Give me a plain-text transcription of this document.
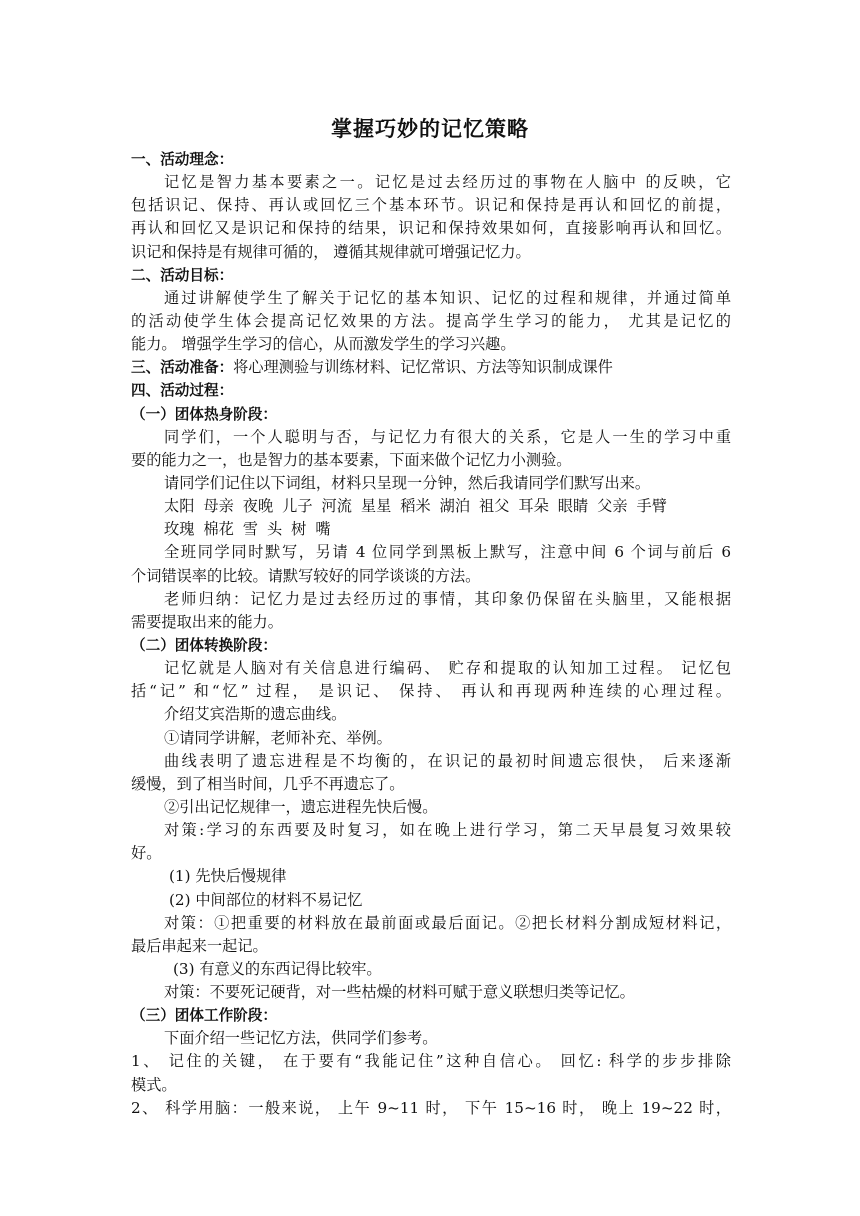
掌握巧妙的记忆策略
一、活动理念：
记忆是智力基本要素之一。记忆是过去经历过的事物在人脑中 的反映，它
包括识记、保持、再认或回忆三个基本环节。识记和保持是再认和回忆的前提，
再认和回忆又是识记和保持的结果，识记和保持效果如何，直接影响再认和回忆。
识记和保持是有规律可循的， 遵循其规律就可增强记忆力。
二、活动目标：
通过讲解使学生了解关于记忆的基本知识、记忆的过程和规律，并通过简单
的活动使学生体会提高记忆效果的方法。提高学生学习的能力， 尤其是记忆的
能力。 增强学生学习的信心，从而激发学生的学习兴趣。
三、活动准备：将心理测验与训练材料、记忆常识、方法等知识制成课件
四、活动过程：
（一）团体热身阶段：
同学们，一个人聪明与否，与记忆力有很大的关系，它是人一生的学习中重
要的能力之一，也是智力的基本要素，下面来做个记忆力小测验。
请同学们记住以下词组，材料只呈现一分钟，然后我请同学们默写出来。
太阳 母亲 夜晚 儿子 河流 星星 稻米 湖泊 祖父 耳朵 眼睛 父亲 手臂
玫瑰 棉花 雪 头 树 嘴
全班同学同时默写，另请 4 位同学到黑板上默写，注意中间 6 个词与前后 6
个词错误率的比较。请默写较好的同学谈谈的方法。
老师归纳：记忆力是过去经历过的事情，其印象仍保留在头脑里，又能根据
需要提取出来的能力。
（二）团体转换阶段：
记忆就是人脑对有关信息进行编码、 贮存和提取的认知加工过程。 记忆包
括“记” 和“忆” 过程， 是识记、 保持、 再认和再现两种连续的心理过程。
介绍艾宾浩斯的遗忘曲线。
①请同学讲解，老师补充、举例。
曲线表明了遗忘进程是不均衡的，在识记的最初时间遗忘很快， 后来逐渐
缓慢，到了相当时间，几乎不再遗忘了。
②引出记忆规律一，遗忘进程先快后慢。
对策:学习的东西要及时复习，如在晚上进行学习，第二天早晨复习效果较
好。
(1) 先快后慢规律
(2) 中间部位的材料不易记忆
对策：①把重要的材料放在最前面或最后面记。②把长材料分割成短材料记，
最后串起来一起记。
(3) 有意义的东西记得比较牢。
对策：不要死记硬背，对一些枯燥的材料可赋于意义联想归类等记忆。
（三）团体工作阶段：
下面介绍一些记忆方法，供同学们参考。
1、 记住的关键， 在于要有“我能记住”这种自信心。 回忆: 科学的步步排除
模式。
2、 科学用脑：一般来说， 上午 9~11 时， 下午 15~16 时， 晚上 19~22 时，
